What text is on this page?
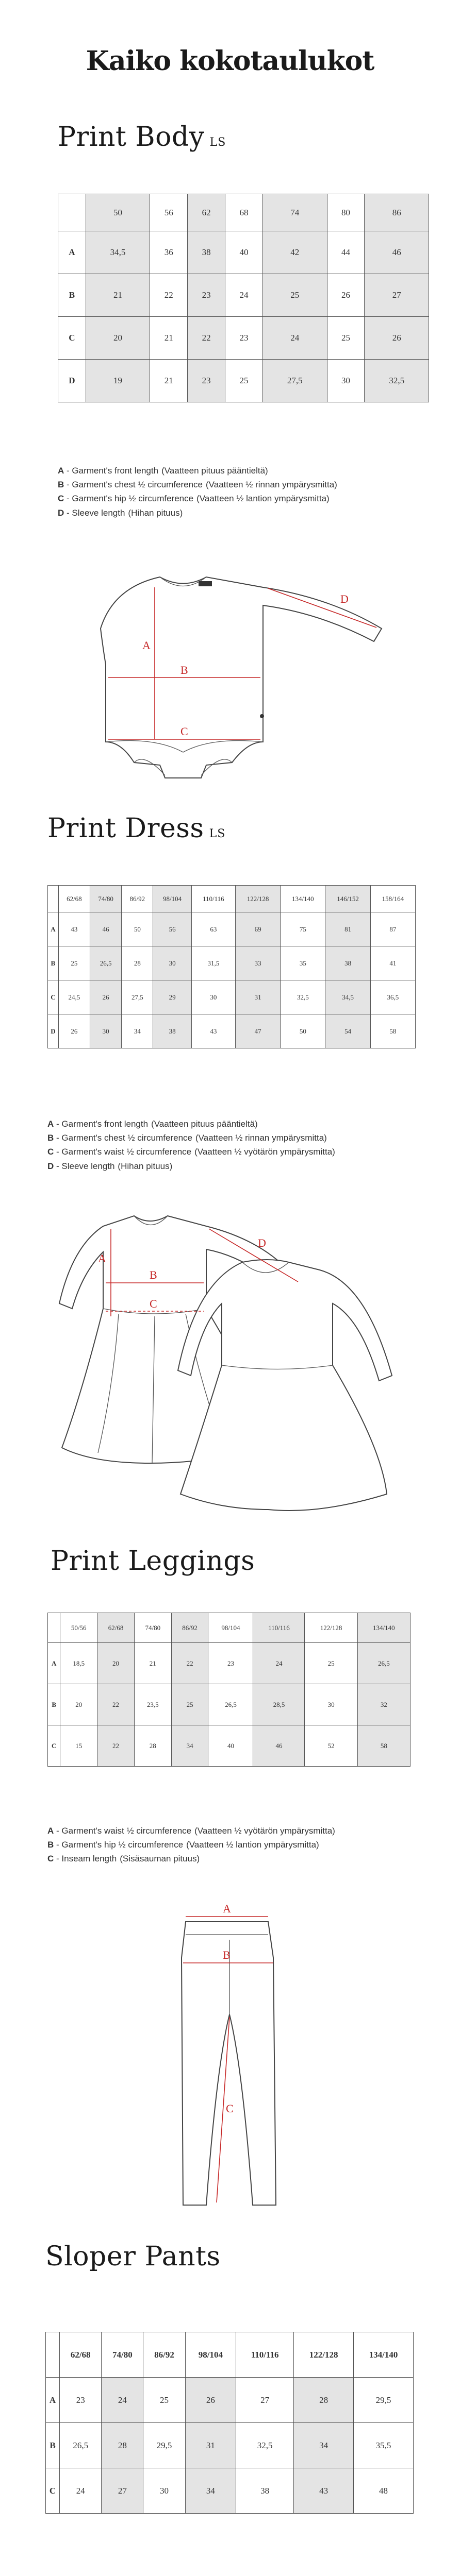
Kaiko kokotaulukot
Print Body LS
	50	56	62	68	74	80	86
A	34,5	36	38	40	42	44	46
B	21	22	23	24	25	26	27
C	20	21	22	23	24	25	26
D	19	21	23	25	27,5	30	32,5
A - Garment's front length (Vaatteen pituus pääntieltä)
B - Garment's chest ½ circumference (Vaatteen ½ rinnan ympärysmitta)
C - Garment's hip ½ circumference (Vaatteen ½ lantion ympärysmitta)
D - Sleeve length (Hihan pituus)
A
B
C
D
Print Dress LS
	62/68	74/80	86/92	98/104	110/116	122/128	134/140	146/152	158/164
A	43	46	50	56	63	69	75	81	87
B	25	26,5	28	30	31,5	33	35	38	41
C	24,5	26	27,5	29	30	31	32,5	34,5	36,5
D	26	30	34	38	43	47	50	54	58
A - Garment's front length (Vaatteen pituus pääntieltä)
B - Garment's chest ½ circumference (Vaatteen ½ rinnan ympärysmitta)
C - Garment's waist ½ circumference (Vaatteen ½ vyötärön ympärysmitta)
D - Sleeve length (Hihan pituus)
A
B
C
D
Print Leggings
	50/56	62/68	74/80	86/92	98/104	110/116	122/128	134/140
A	18,5	20	21	22	23	24	25	26,5
B	20	22	23,5	25	26,5	28,5	30	32
C	15	22	28	34	40	46	52	58
A - Garment's waist ½ circumference (Vaatteen ½ vyötärön ympärysmitta)
B - Garment's hip ½ circumference (Vaatteen ½ lantion ympärysmitta)
C - Inseam length (Sisäsauman pituus)
A
B
C
Sloper Pants
	62/68	74/80	86/92	98/104	110/116	122/128	134/140
A	23	24	25	26	27	28	29,5
B	26,5	28	29,5	31	32,5	34	35,5
C	24	27	30	34	38	43	48
